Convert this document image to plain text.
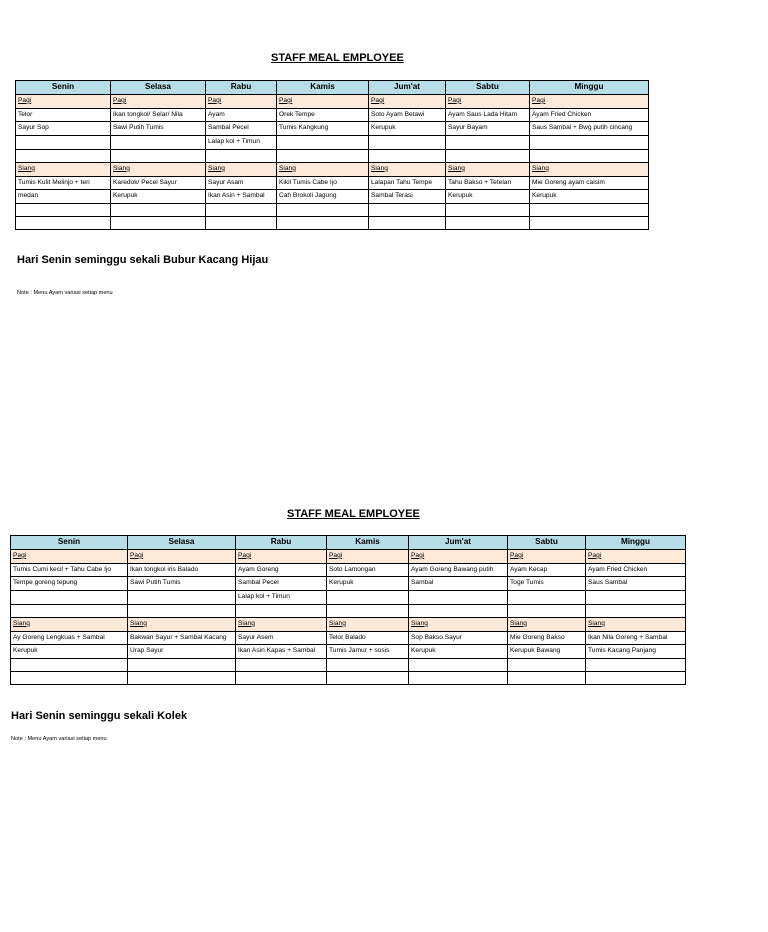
STAFF MEAL EMPLOYEE
Senin	Selasa	Rabu	Kamis	Jum'at	Sabtu	Minggu
Pagi	Pagi	Pagi	Pagi	Pagi	Pagi	Pagi
Telor	Ikan tongkol/ Selar/ Nila	Ayam	Orek Tempe	Soto Ayam Betawi	Ayam Saus Lada Hitam	Ayam Fried Chicken
Sayur Sop	Sawi Putih Tumis	Sambal Pecel	Tumis Kangkung	Kerupuk	Sayur Bayam	Saus Sambal + Bwg putih cincang
		Lalap kol + Timun				

Siang	Siang	Siang	Siang	Siang	Siang	Siang
Tumis Kulit Melinjo + teri	Karedok/ Pecel Sayur	Sayur Asam	Kikil Tumis Cabe Ijo	Lalapan Tahu Tempe	Tahu Bakso + Tetelan	Mie Goreng ayam caisim
medan	Kerupuk	Ikan Asin + Sambal	Cah Brokoli Jagung	Sambal Terasi	Kerupuk	Kerupuk

Hari Senin seminggu sekali Bubur Kacang Hijau
Note : Menu Ayam variasi setiap menu
STAFF MEAL EMPLOYEE
Senin	Selasa	Rabu	Kamis	Jum'at	Sabtu	Minggu
Pagi	Pagi	Pagi	Pagi	Pagi	Pagi	Pagi
Tumis Cumi kecil + Tahu Cabe Ijo	Ikan tongkol iris Balado	Ayam Goreng	Soto Lamongan	Ayam Goreng Bawang putih	Ayam Kecap	Ayam Fried Chicken
Tempe goreng tepung	Sawi Putih Tumis	Sambal Pecel	Kerupuk	Sambal	Toge Tumis	Saus Sambal
		Lalap kol + Timun				

Siang	Siang	Siang	Siang	Siang	Siang	Siang
Ay Goreng Lengkuas + Sambal	Bakwan Sayur + Sambal Kacang	Sayur Asem	Telor Balado	Sop Bakso Sayur	Mie Goreng Bakso	Ikan Nila Goreng + Sambal
Kerupuk	Urap Sayur	Ikan Asin Kapas + Sambal	Tumis Jamur + sosis	Kerupuk	Kerupuk Bawang	Tumis Kacang Panjang

Hari Senin seminggu sekali Kolek
Note : Menu Ayam variasi setiap menu
